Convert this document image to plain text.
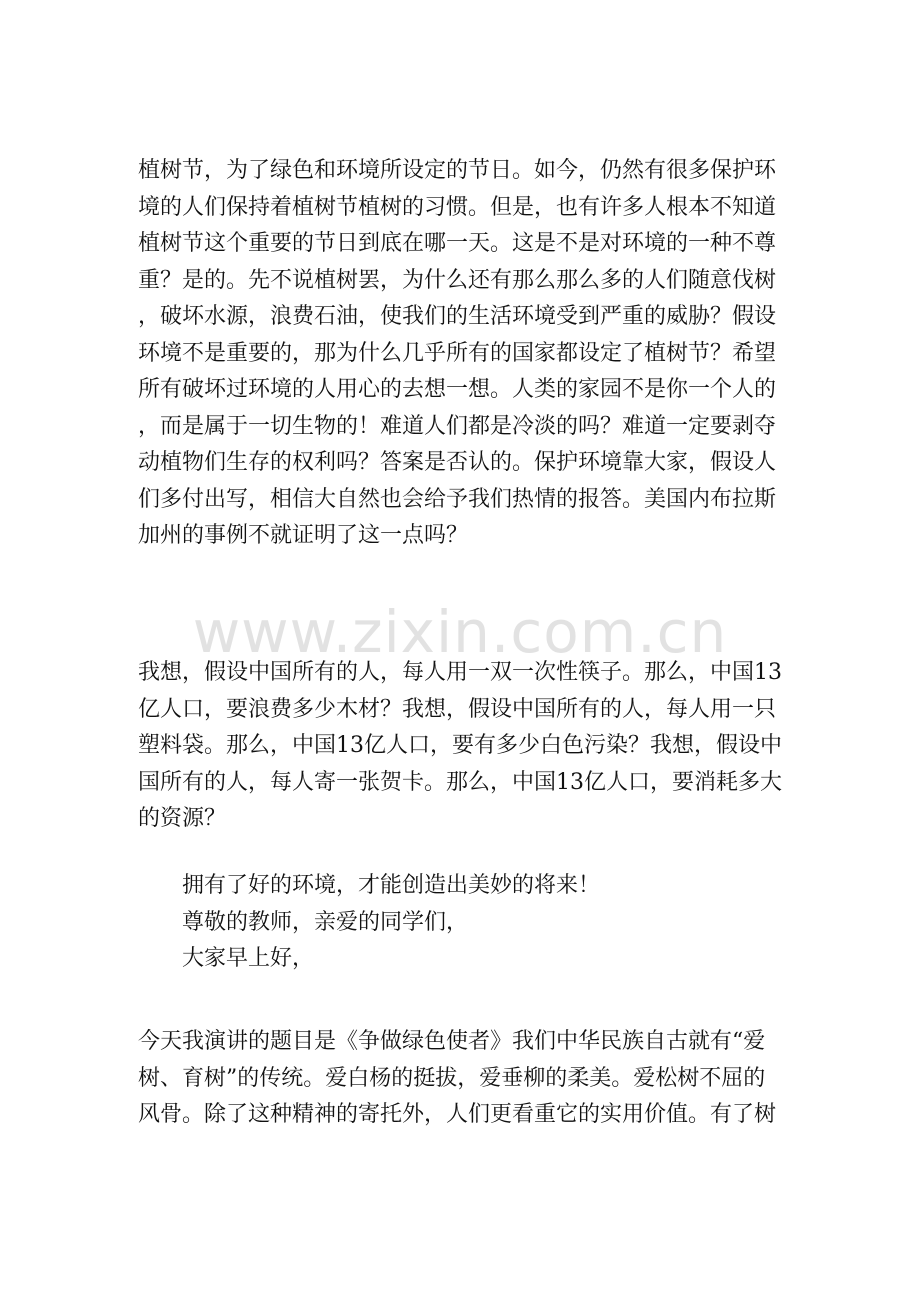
植树节，为了绿色和环境所设定的节日。如今，仍然有很多保护环
境的人们保持着植树节植树的习惯。但是，也有许多人根本不知道
植树节这个重要的节日到底在哪一天。这是不是对环境的一种不尊
重？是的。先不说植树罢，为什么还有那么那么多的人们随意伐树
，破坏水源，浪费石油，使我们的生活环境受到严重的威胁？假设
环境不是重要的，那为什么几乎所有的国家都设定了植树节？希望
所有破坏过环境的人用心的去想一想。人类的家园不是你一个人的
，而是属于一切生物的！难道人们都是冷淡的吗？难道一定要剥夺
动植物们生存的权利吗？答案是否认的。保护环境靠大家，假设人
们多付出写，相信大自然也会给予我们热情的报答。美国内布拉斯
加州的事例不就证明了这一点吗？
www.zixin.com.cn
我想，假设中国所有的人，每人用一双一次性筷子。那么，中国13
亿人口，要浪费多少木材？我想，假设中国所有的人，每人用一只
塑料袋。那么，中国13亿人口，要有多少白色污染？我想，假设中
国所有的人，每人寄一张贺卡。那么，中国13亿人口，要消耗多大
的资源？
拥有了好的环境，才能创造出美妙的将来！
尊敬的教师，亲爱的同学们，
大家早上好，
今天我演讲的题目是《争做绿色使者》我们中华民族自古就有“爱
树、育树”的传统。爱白杨的挺拔，爱垂柳的柔美。爱松树不屈的
风骨。除了这种精神的寄托外，人们更看重它的实用价值。有了树
